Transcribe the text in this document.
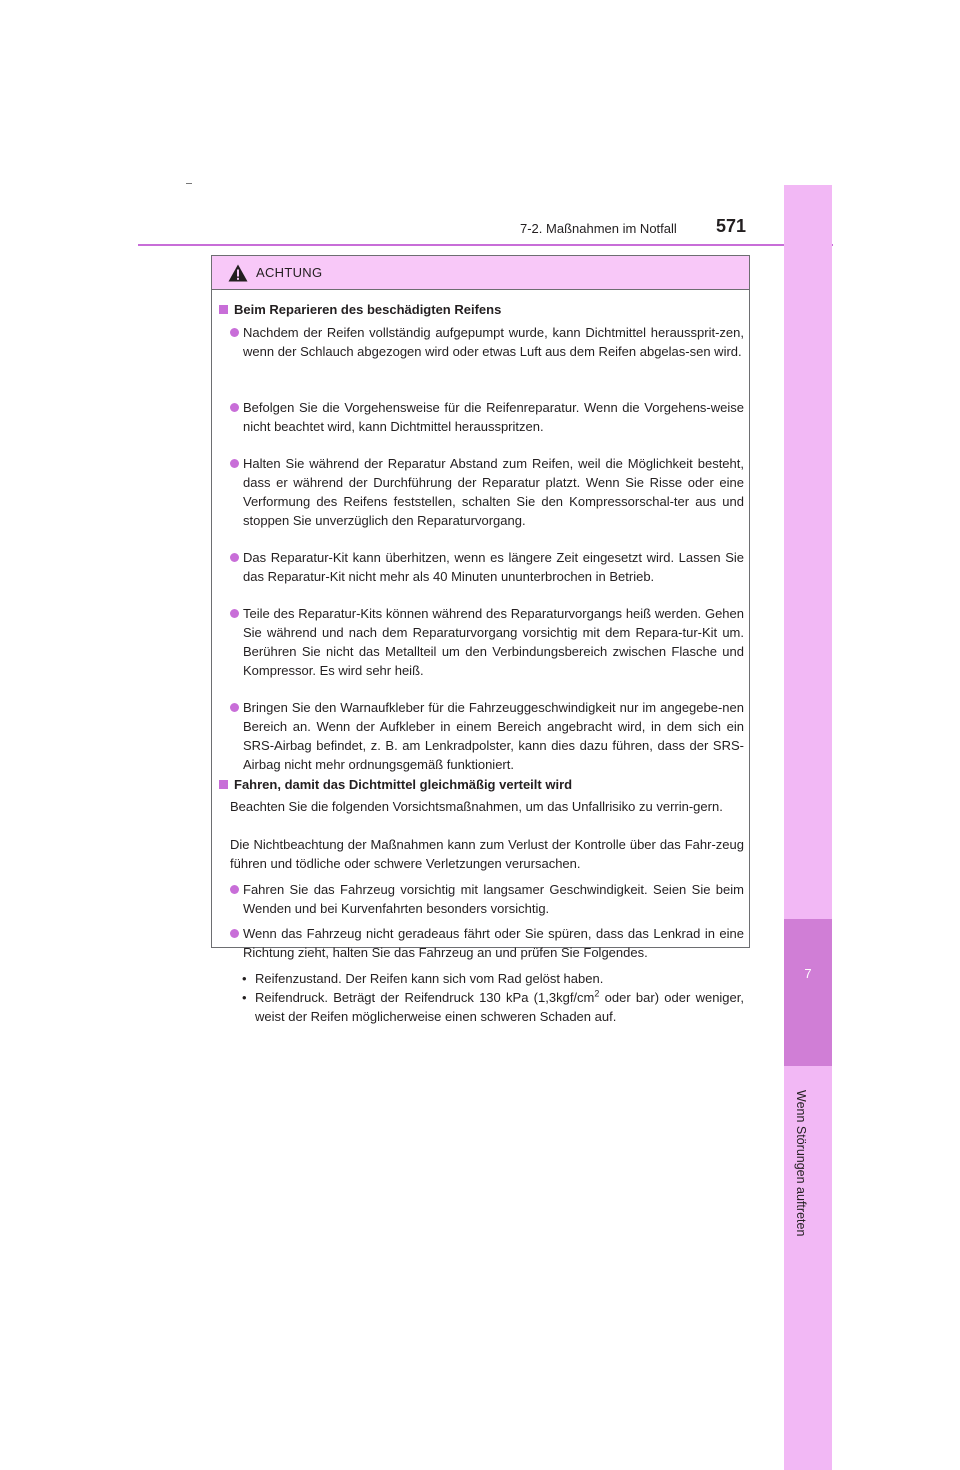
7-2. Maßnahmen im Notfall 571
7
Wenn Störungen auftreten
ACHTUNG
Beim Reparieren des beschädigten Reifens
Nachdem der Reifen vollständig aufgepumpt wurde, kann Dichtmittel heraussprit-zen, wenn der Schlauch abgezogen wird oder etwas Luft aus dem Reifen abgelas-sen wird.
Befolgen Sie die Vorgehensweise für die Reifenreparatur. Wenn die Vorgehens-weise nicht beachtet wird, kann Dichtmittel herausspritzen.
Halten Sie während der Reparatur Abstand zum Reifen, weil die Möglichkeit besteht, dass er während der Durchführung der Reparatur platzt. Wenn Sie Risse oder eine Verformung des Reifens feststellen, schalten Sie den Kompressorschal-ter aus und stoppen Sie unverzüglich den Reparaturvorgang.
Das Reparatur-Kit kann überhitzen, wenn es längere Zeit eingesetzt wird. Lassen Sie das Reparatur-Kit nicht mehr als 40 Minuten ununterbrochen in Betrieb.
Teile des Reparatur-Kits können während des Reparaturvorgangs heiß werden. Gehen Sie während und nach dem Reparaturvorgang vorsichtig mit dem Repara-tur-Kit um. Berühren Sie nicht das Metallteil um den Verbindungsbereich zwischen Flasche und Kompressor. Es wird sehr heiß.
Bringen Sie den Warnaufkleber für die Fahrzeuggeschwindigkeit nur im angegebe-nen Bereich an. Wenn der Aufkleber in einem Bereich angebracht wird, in dem sich ein SRS-Airbag befindet, z. B. am Lenkradpolster, kann dies dazu führen, dass der SRS-Airbag nicht mehr ordnungsgemäß funktioniert.
Fahren, damit das Dichtmittel gleichmäßig verteilt wird
Beachten Sie die folgenden Vorsichtsmaßnahmen, um das Unfallrisiko zu verrin-gern.
Die Nichtbeachtung der Maßnahmen kann zum Verlust der Kontrolle über das Fahr-zeug führen und tödliche oder schwere Verletzungen verursachen.
Fahren Sie das Fahrzeug vorsichtig mit langsamer Geschwindigkeit. Seien Sie beim Wenden und bei Kurvenfahrten besonders vorsichtig.
Wenn das Fahrzeug nicht geradeaus fährt oder Sie spüren, dass das Lenkrad in eine Richtung zieht, halten Sie das Fahrzeug an und prüfen Sie Folgendes.
• Reifenzustand. Der Reifen kann sich vom Rad gelöst haben.
• Reifendruck. Beträgt der Reifendruck 130 kPa ($1,3kgf/cm^2$ oder bar) oder weniger, weist der Reifen möglicherweise einen schweren Schaden auf.
